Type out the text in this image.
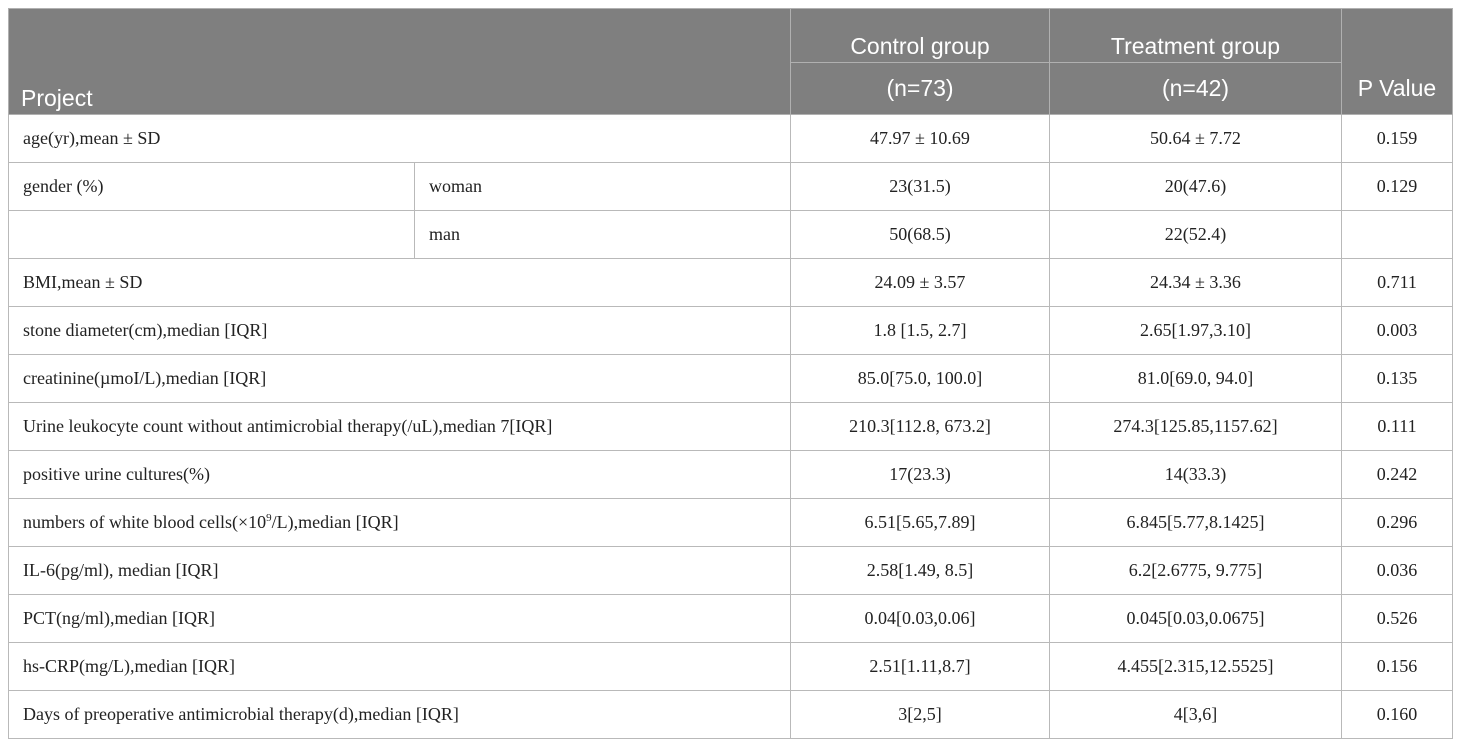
Project		Control group	Treatment group	P Value
		(n=73)	(n=42)	
age(yr),mean ± SD		47.97 ± 10.69	50.64 ± 7.72	0.159
gender (%)	woman	23(31.5)	20(47.6)	0.129
	man	50(68.5)	22(52.4)	
BMI,mean ± SD		24.09 ± 3.57	24.34 ± 3.36	0.711
stone diameter(cm),median [IQR]		1.8 [1.5, 2.7]	2.65[1.97,3.10]	0.003
creatinine(µmoI/L),median [IQR]		85.0[75.0, 100.0]	81.0[69.0, 94.0]	0.135
Urine leukocyte count without antimicrobial therapy(/uL),median 7[IQR]		210.3[112.8, 673.2]	274.3[125.85,1157.62]	0.111
positive urine cultures(%)		17(23.3)	14(33.3)	0.242
numbers of white blood $cells(\times 10^9/L),median$ [IQR]		6.51[5.65,7.89]	6.845[5.77,8.1425]	0.296
IL-6(pg/ml), median [IQR]		2.58[1.49, 8.5]	6.2[2.6775, 9.775]	0.036
PCT(ng/ml),median [IQR]		0.04[0.03,0.06]	0.045[0.03,0.0675]	0.526
hs-CRP(mg/L),median [IQR]		2.51[1.11,8.7]	4.455[2.315,12.5525]	0.156
Days of preoperative antimicrobial therapy(d),median [IQR]		3[2,5]	4[3,6]	0.160
